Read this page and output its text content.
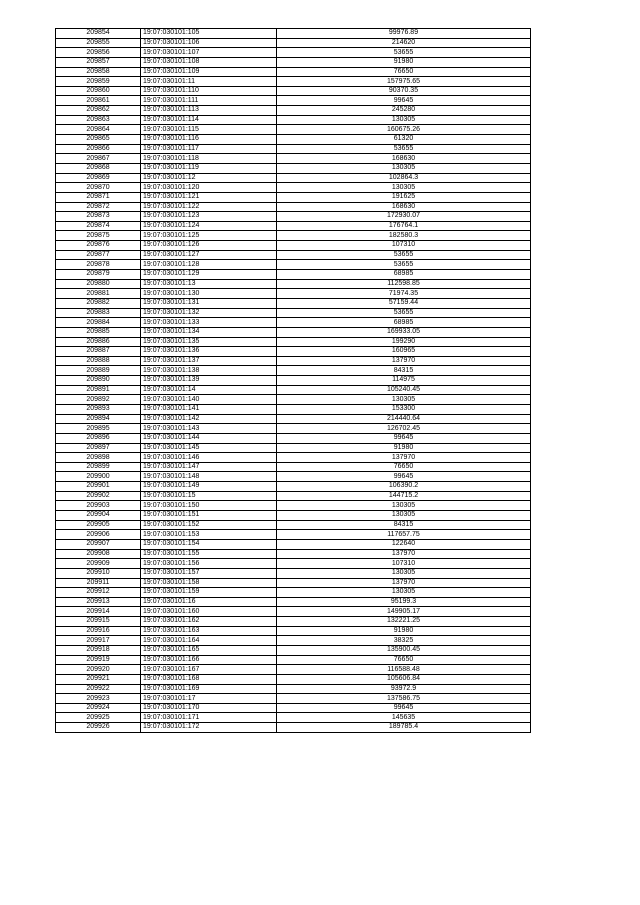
209854	19:07:030101:105	99976.89
209855	19:07:030101:106	214620
209856	19:07:030101:107	53655
209857	19:07:030101:108	91980
209858	19:07:030101:109	76650
209859	19:07:030101:11	157975.65
209860	19:07:030101:110	90370.35
209861	19:07:030101:111	99645
209862	19:07:030101:113	245280
209863	19:07:030101:114	130305
209864	19:07:030101:115	160675.26
209865	19:07:030101:116	61320
209866	19:07:030101:117	53655
209867	19:07:030101:118	168630
209868	19:07:030101:119	130305
209869	19:07:030101:12	102864.3
209870	19:07:030101:120	130305
209871	19:07:030101:121	191625
209872	19:07:030101:122	168630
209873	19:07:030101:123	172930.07
209874	19:07:030101:124	176764.1
209875	19:07:030101:125	182580.3
209876	19:07:030101:126	107310
209877	19:07:030101:127	53655
209878	19:07:030101:128	53655
209879	19:07:030101:129	68985
209880	19:07:030101:13	112598.85
209881	19:07:030101:130	71974.35
209882	19:07:030101:131	57159.44
209883	19:07:030101:132	53655
209884	19:07:030101:133	68985
209885	19:07:030101:134	169933.05
209886	19:07:030101:135	199290
209887	19:07:030101:136	160965
209888	19:07:030101:137	137970
209889	19:07:030101:138	84315
209890	19:07:030101:139	114975
209891	19:07:030101:14	105240.45
209892	19:07:030101:140	130305
209893	19:07:030101:141	153300
209894	19:07:030101:142	214440.64
209895	19:07:030101:143	126702.45
209896	19:07:030101:144	99645
209897	19:07:030101:145	91980
209898	19:07:030101:146	137970
209899	19:07:030101:147	76650
209900	19:07:030101:148	99645
209901	19:07:030101:149	106390.2
209902	19:07:030101:15	144715.2
209903	19:07:030101:150	130305
209904	19:07:030101:151	130305
209905	19:07:030101:152	84315
209906	19:07:030101:153	117657.75
209907	19:07:030101:154	122640
209908	19:07:030101:155	137970
209909	19:07:030101:156	107310
209910	19:07:030101:157	130305
209911	19:07:030101:158	137970
209912	19:07:030101:159	130305
209913	19:07:030101:16	95199.3
209914	19:07:030101:160	149905.17
209915	19:07:030101:162	132221.25
209916	19:07:030101:163	91980
209917	19:07:030101:164	38325
209918	19:07:030101:165	135900.45
209919	19:07:030101:166	76650
209920	19:07:030101:167	116588.48
209921	19:07:030101:168	105606.84
209922	19:07:030101:169	93972.9
209923	19:07:030101:17	137586.75
209924	19:07:030101:170	99645
209925	19:07:030101:171	145635
209926	19:07:030101:172	189785.4
